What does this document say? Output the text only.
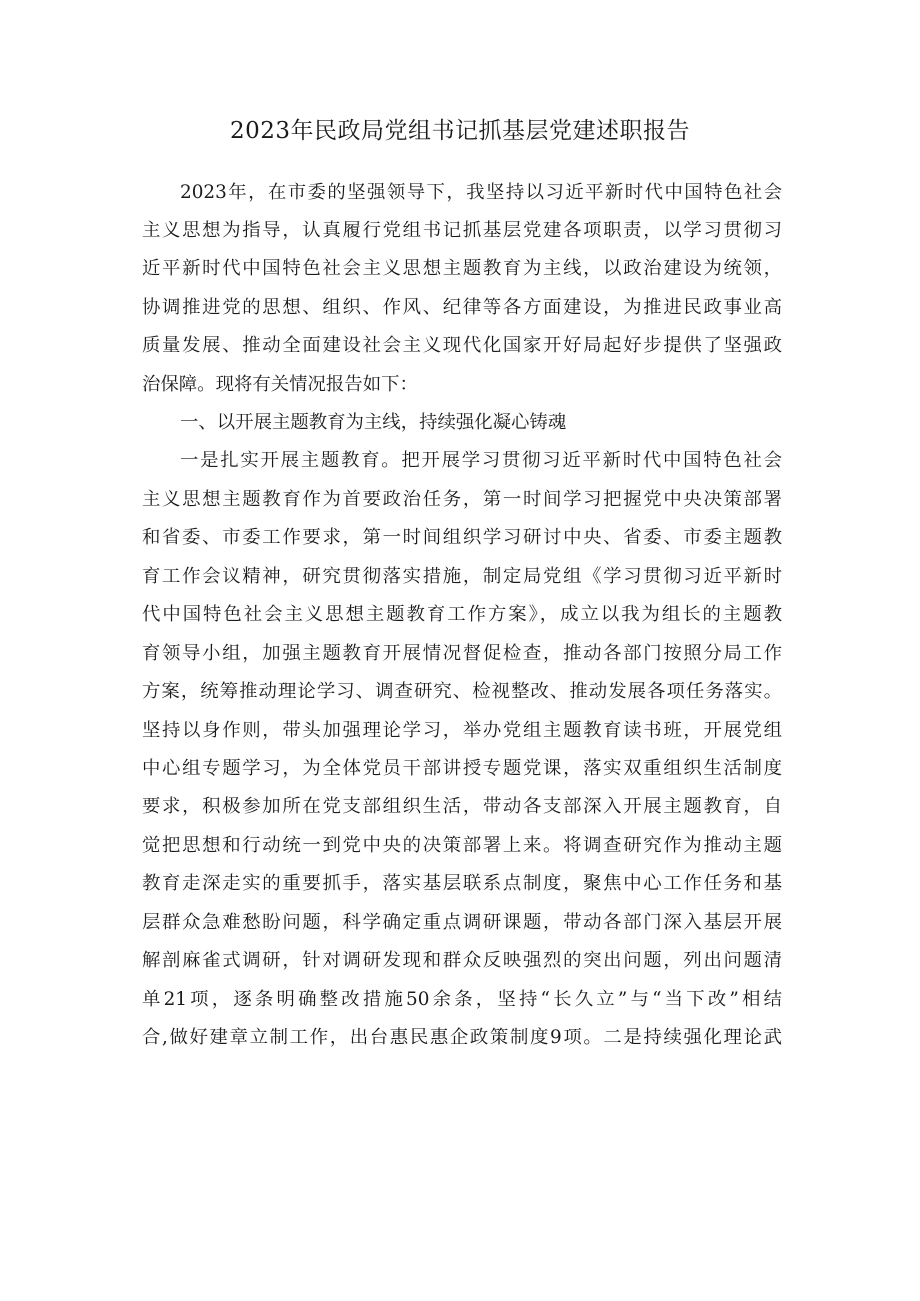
2023年民政局党组书记抓基层党建述职报告

2023年，在市委的坚强领导下，我坚持以习近平新时代中国特色社会

主义思想为指导，认真履行党组书记抓基层党建各项职责，以学习贯彻习

近平新时代中国特色社会主义思想主题教育为主线，以政治建设为统领，

协调推进党的思想、组织、作风、纪律等各方面建设，为推进民政事业高

质量发展、推动全面建设社会主义现代化国家开好局起好步提供了坚强政

治保障。现将有关情况报告如下：

一、以开展主题教育为主线，持续强化凝心铸魂

一是扎实开展主题教育。把开展学习贯彻习近平新时代中国特色社会

主义思想主题教育作为首要政治任务，第一时间学习把握党中央决策部署

和省委、市委工作要求，第一时间组织学习研讨中央、省委、市委主题教

育工作会议精神，研究贯彻落实措施，制定局党组《学习贯彻习近平新时

代中国特色社会主义思想主题教育工作方案》，成立以我为组长的主题教

育领导小组，加强主题教育开展情况督促检查，推动各部门按照分局工作

方案，统筹推动理论学习、调查研究、检视整改、推动发展各项任务落实。

坚持以身作则，带头加强理论学习，举办党组主题教育读书班，开展党组

中心组专题学习，为全体党员干部讲授专题党课，落实双重组织生活制度

要求，积极参加所在党支部组织生活，带动各支部深入开展主题教育，自

觉把思想和行动统一到党中央的决策部署上来。将调查研究作为推动主题

教育走深走实的重要抓手，落实基层联系点制度，聚焦中心工作任务和基

层群众急难愁盼问题，科学确定重点调研课题，带动各部门深入基层开展

解剖麻雀式调研，针对调研发现和群众反映强烈的突出问题，列出问题清

单21项，逐条明确整改措施50余条，坚持“长久立”与“当下改”相结

合,做好建章立制工作，出台惠民惠企政策制度9项。二是持续强化理论武
